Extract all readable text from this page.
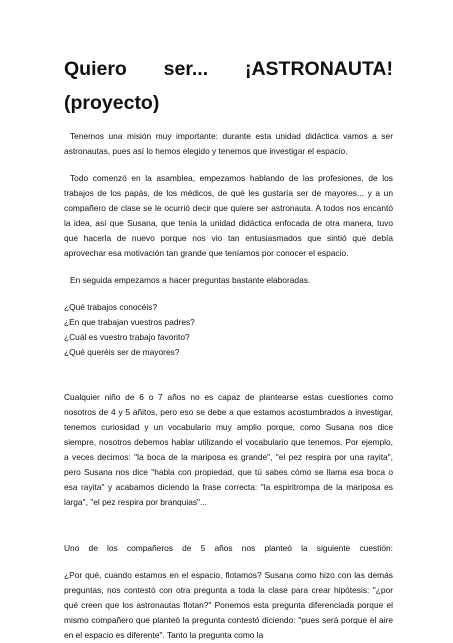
Quiero ser... ¡ASTRONAUTA!
(proyecto)

Tenemos una misión muy importante: durante esta unidad didáctica vamos a ser astronautas, pues así lo hemos elegido y tenemos que investigar el espacio.

Todo comenzó en la asamblea, empezamos hablando de las profesiones, de los trabajos de los papás, de los médicos, de qué les gustaría ser de mayores... y a un compañero de clase se le ocurrió decir que quiere ser astronauta. A todos nos encantó la idea, así que Susana, que tenía la unidad didáctica enfocada de otra manera, tuvo que hacerla de nuevo porque nos vio tan entusiasmados que sintió que debía aprovechar esa motivación tan grande que teníamos por conocer el espacio.

En seguida empezamos a hacer preguntas bastante elaboradas.

¿Qué trabajos conocéis?

¿En que trabajan vuestros padres?

¿Cuál es vuestro trabajo favorito?

¿Qué queréis ser de mayores?

Cualquier niño de 6 o 7 años no es capaz de plantearse estas cuestiones como nosotros de 4 y 5 añitos, pero eso se debe a que estamos acostumbrados a investigar, tenemos curiosidad y un vocabulario muy amplio porque, como Susana nos dice siempre, nosotros debemos hablar utilizando el vocabulario que tenemos. Por ejemplo, a veces decimos: "la boca de la mariposa es grande", "el pez respira por una rayita", pero Susana nos dice "habla con propiedad, que tú sabes cómo se llama esa boca o esa rayita" y acabamos diciendo la frase correcta: "la espiritrompa de la mariposa es larga", "el pez respira por branquias"...

Uno de los compañeros de 5 años nos planteó la siguiente cuestión:

¿Por qué, cuando estamos en el espacio, flotamos? Susana como hizo con las demás preguntas, nos contestó con otra pregunta a toda la clase para crear hipótesis: "¿por qué creen que los astronautas flotan?" Ponemos esta pregunta diferenciada porque el mismo compañero que planteó la pregunta contestó diciendo: "pues será porque el aire en el espacio es diferente". Tanto la pregunta como la
